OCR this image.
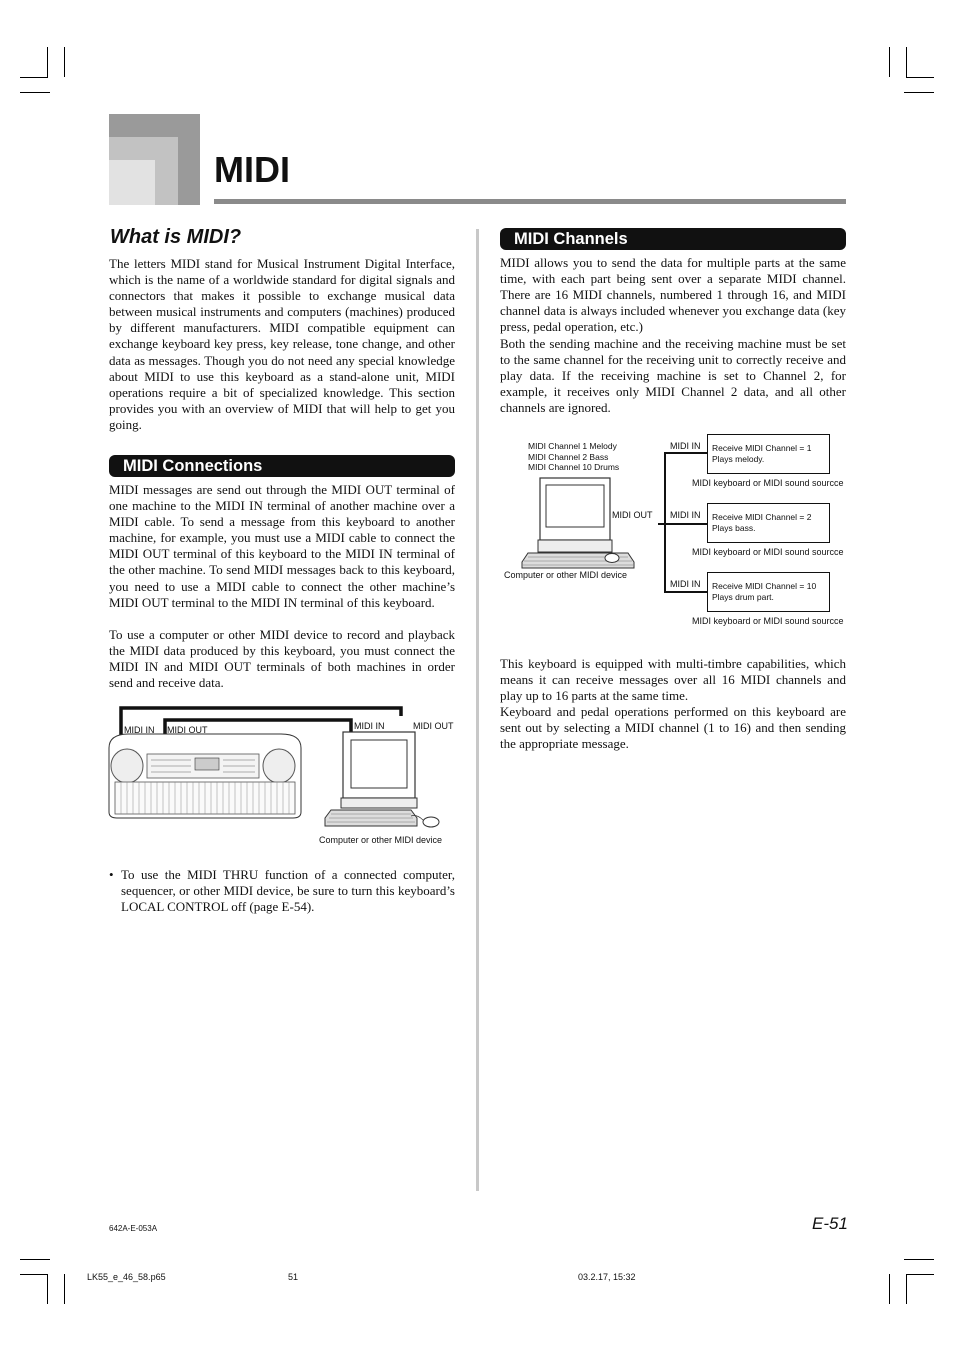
MIDI
What is MIDI?

The letters MIDI stand for Musical Instrument Digital Interface, which is the name of a worldwide standard for digital signals and connectors that makes it possible to exchange musical data between musical instruments and computers (machines) produced by different manufacturers. MIDI compatible equipment can exchange keyboard key press, key release, tone change, and other data as messages. Though you do not need any special knowledge about MIDI to use this keyboard as a stand-alone unit, MIDI operations require a bit of specialized knowledge. This section provides you with an overview of MIDI that will help to get you going.

MIDI Connections

MIDI messages are send out through the MIDI OUT terminal of one machine to the MIDI IN terminal of another machine over a MIDI cable. To send a message from this keyboard to another machine, for example, you must use a MIDI cable to connect the MIDI OUT terminal of this keyboard to the MIDI IN terminal of the other machine. To send MIDI messages back to this keyboard, you need to use a MIDI cable to connect the other machine’s MIDI OUT terminal to the MIDI IN terminal of this keyboard.

To use a computer or other MIDI device to record and playback the MIDI data produced by this keyboard, you must connect the MIDI IN and MIDI OUT terminals of both machines in order send and receive data.

MIDI IN MIDI OUT	MIDI IN	MIDI OUT
Computer or other MIDI device
• To use the MIDI THRU function of a connected computer, sequencer, or other MIDI device, be sure to turn this keyboard’s LOCAL CONTROL off (page E-54).
MIDI Channels

MIDI allows you to send the data for multiple parts at the same time, with each part being sent over a separate MIDI channel. There are 16 MIDI channels, numbered 1 through 16, and MIDI channel data is always included whenever you exchange data (key press, pedal operation, etc.)

Both the sending machine and the receiving machine must be set to the same channel for the receiving unit to correctly receive and play data. If the receiving machine is set to Channel 2, for example, it receives only MIDI Channel 2 data, and all other channels are ignored.

MIDI Channel 1 Melody
MIDI Channel 2 Bass
MIDI Channel 10 Drums
MIDI OUT
Computer or other MIDI device
MIDI IN Receive MIDI Channel = 1
Plays melody.
MIDI keyboard or MIDI sound sourcce
MIDI IN Receive MIDI Channel = 2
Plays bass.
MIDI keyboard or MIDI sound sourcce
MIDI IN Receive MIDI Channel = 10
Plays drum part.
MIDI keyboard or MIDI sound sourcce

This keyboard is equipped with multi-timbre capabilities, which means it can receive messages over all 16 MIDI channels and play up to 16 parts at the same time.

Keyboard and pedal operations performed on this keyboard are sent out by selecting a MIDI channel (1 to 16) and then sending the appropriate message.

642A-E-053A	E-51
LK55_e_46_58.p65	51	03.2.17, 15:32
